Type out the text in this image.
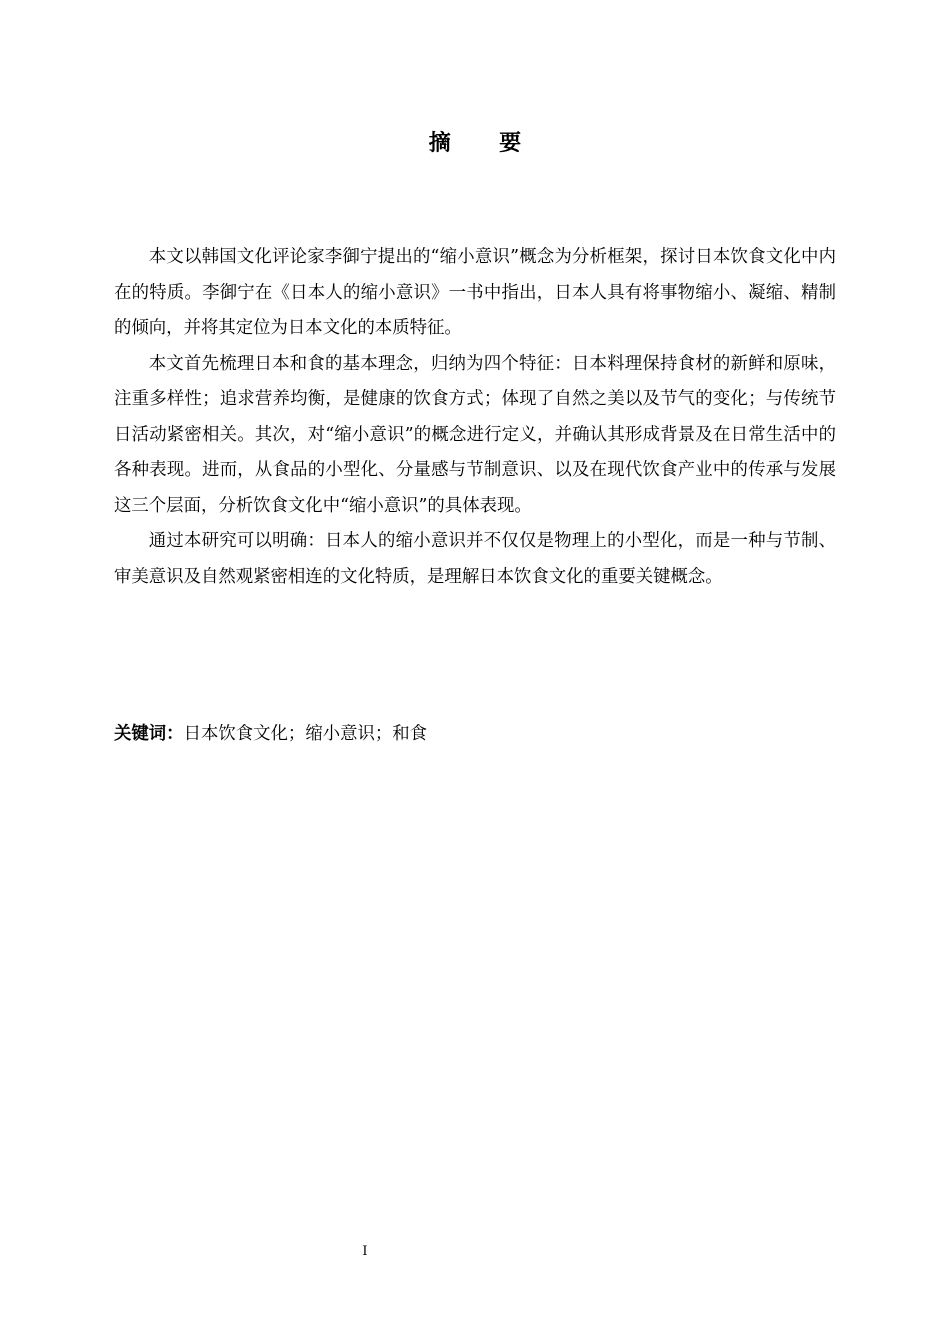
摘　要

本文以韩国文化评论家李御宁提出的“缩小意识”概念为分析框架，探讨日本饮食文化中内在的特质。李御宁在《日本人的缩小意识》一书中指出，日本人具有将事物缩小、凝缩、精制的倾向，并将其定位为日本文化的本质特征。

本文首先梳理日本和食的基本理念，归纳为四个特征：日本料理保持食材的新鲜和原味，注重多样性；追求营养均衡，是健康的饮食方式；体现了自然之美以及节气的变化；与传统节日活动紧密相关。其次，对“缩小意识”的概念进行定义，并确认其形成背景及在日常生活中的各种表现。进而，从食品的小型化、分量感与节制意识、以及在现代饮食产业中的传承与发展这三个层面，分析饮食文化中“缩小意识”的具体表现。

通过本研究可以明确：日本人的缩小意识并不仅仅是物理上的小型化，而是一种与节制、审美意识及自然观紧密相连的文化特质，是理解日本饮食文化的重要关键概念。

关键词：日本饮食文化；缩小意识；和食
I
